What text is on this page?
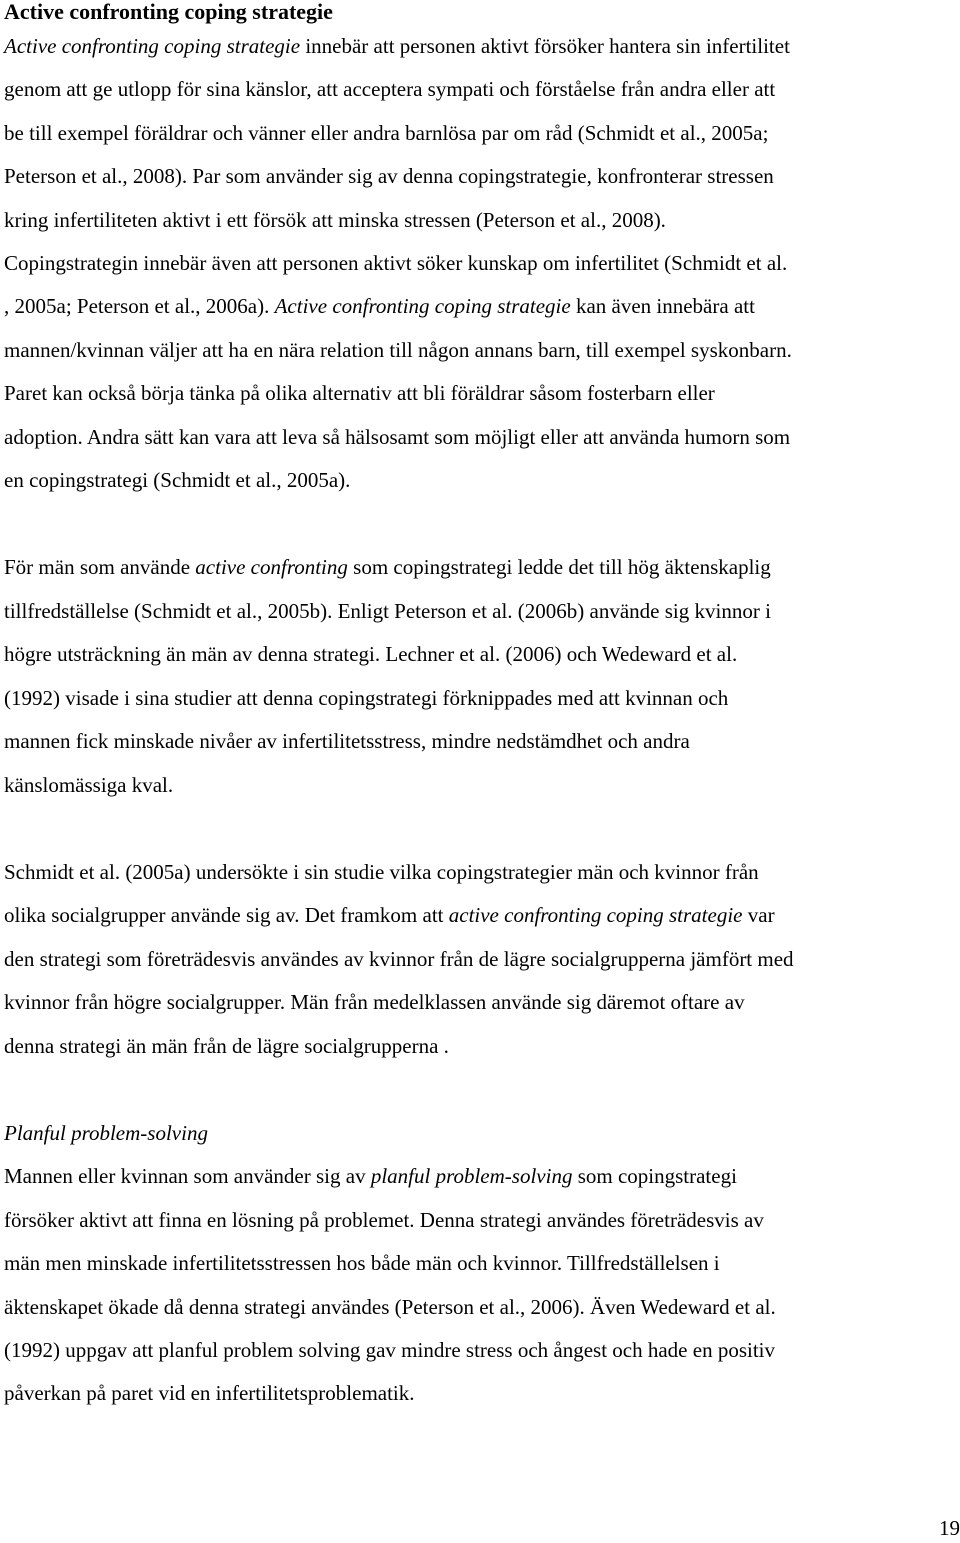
Active confronting coping strategie
Active confronting coping strategie innebär att personen aktivt försöker hantera sin infertilitet
genom att ge utlopp för sina känslor, att acceptera sympati och förståelse från andra eller att
be till exempel föräldrar och vänner eller andra barnlösa par om råd (Schmidt et al., 2005a;
Peterson et al., 2008). Par som använder sig av denna copingstrategie, konfronterar stressen
kring infertiliteten aktivt i ett försök att minska stressen (Peterson et al., 2008).
Copingstrategin innebär även att personen aktivt söker kunskap om infertilitet (Schmidt et al.
, 2005a; Peterson et al., 2006a). Active confronting coping strategie kan även innebära att
mannen/kvinnan väljer att ha en nära relation till någon annans barn, till exempel syskonbarn.
Paret kan också börja tänka på olika alternativ att bli föräldrar såsom fosterbarn eller
adoption. Andra sätt kan vara att leva så hälsosamt som möjligt eller att använda humorn som
en copingstrategi (Schmidt et al., 2005a).
För män som använde active confronting som copingstrategi ledde det till hög äktenskaplig
tillfredställelse (Schmidt et al., 2005b). Enligt Peterson et al. (2006b) använde sig kvinnor i
högre utsträckning än män av denna strategi. Lechner et al. (2006) och Wedeward et al.
(1992) visade i sina studier att denna copingstrategi förknippades med att kvinnan och
mannen fick minskade nivåer av infertilitetsstress, mindre nedstämdhet och andra
känslomässiga kval.
Schmidt et al. (2005a) undersökte i sin studie vilka copingstrategier män och kvinnor från
olika socialgrupper använde sig av. Det framkom att active confronting coping strategie var
den strategi som företrädesvis användes av kvinnor från de lägre socialgrupperna jämfört med
kvinnor från högre socialgrupper. Män från medelklassen använde sig däremot oftare av
denna strategi än män från de lägre socialgrupperna .
Planful problem-solving
Mannen eller kvinnan som använder sig av planful problem-solving som copingstrategi
försöker aktivt att finna en lösning på problemet. Denna strategi användes företrädesvis av
män men minskade infertilitetsstressen hos både män och kvinnor. Tillfredställelsen i
äktenskapet ökade då denna strategi användes (Peterson et al., 2006). Även Wedeward et al.
(1992) uppgav att planful problem solving gav mindre stress och ångest och hade en positiv
påverkan på paret vid en infertilitetsproblematik.
19
